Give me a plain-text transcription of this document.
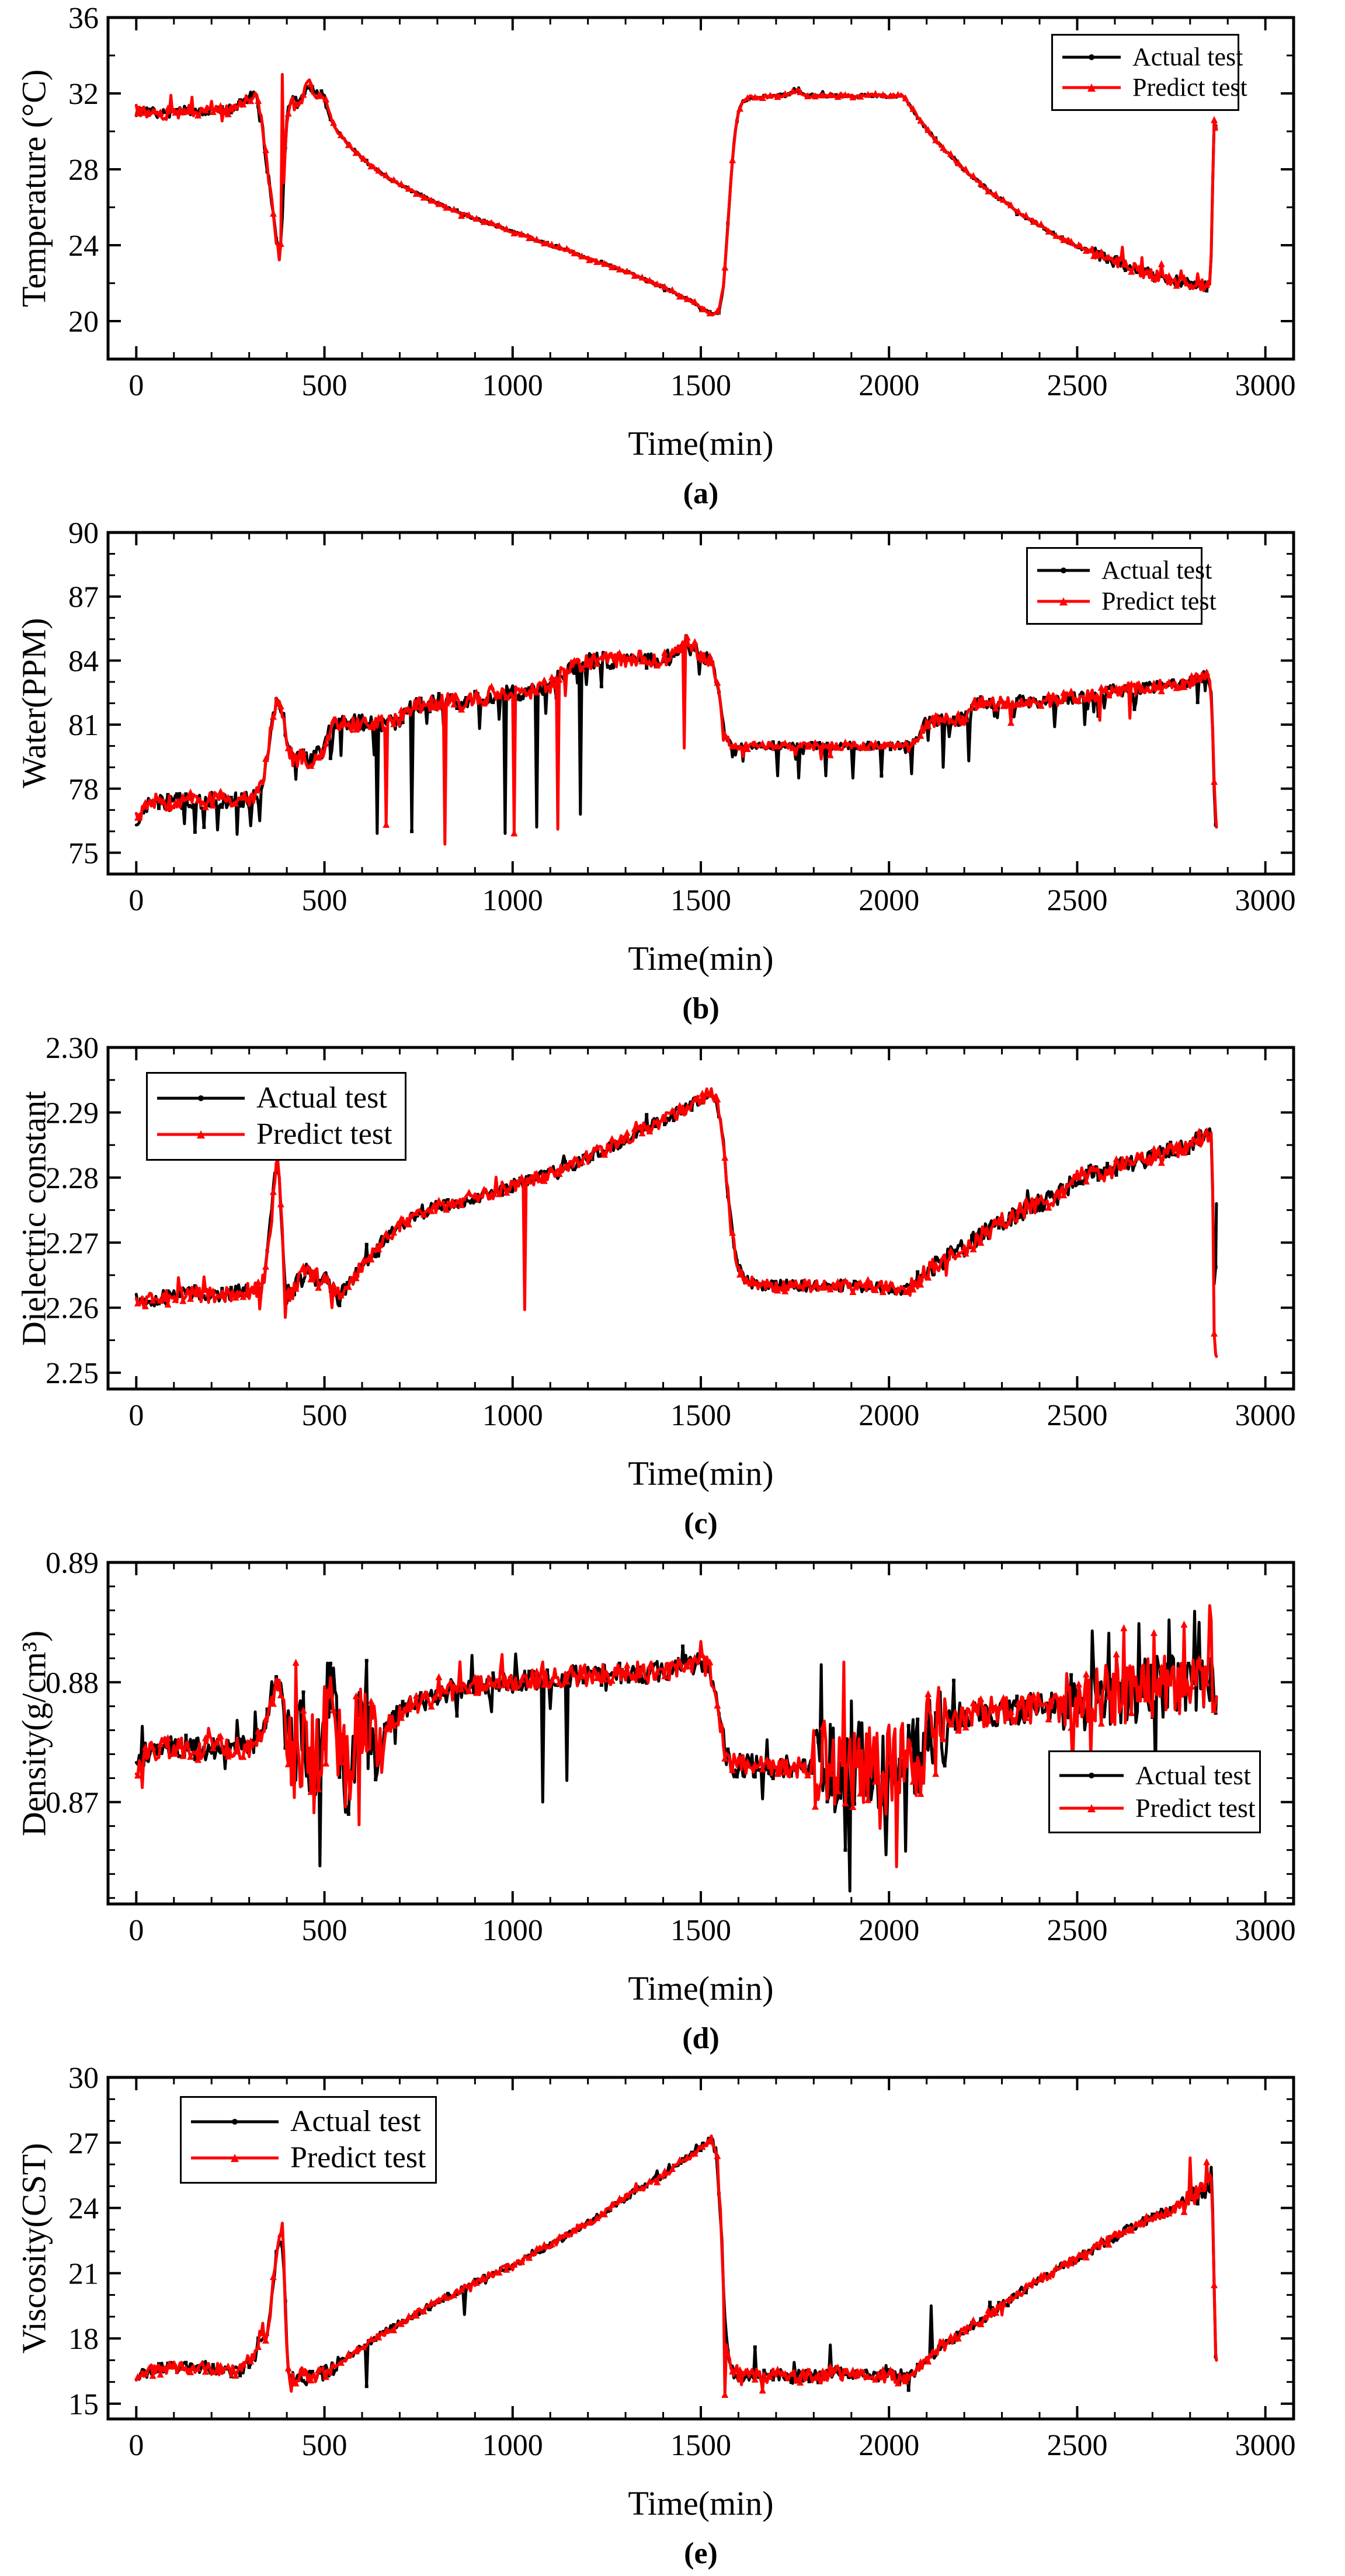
0	500	1000	1500	2000	2500	3000
20
24
28
32
36
Temperature (°C)
Actual test
Predict test
Time(min)
(a)
0	500	1000	1500	2000	2500	3000
75
78
81
84
87
90
Water(PPM)
Actual test
Predict test
Time(min)
(b)
0	500	1000	1500	2000	2500	3000
2.25
2.26
2.27
2.28
2.29
2.30
Dielectric constant	Actual test
Predict test
Time(min)
(c)
0	500	1000	1500	2000	2500	3000
0.87
0.88
0.89
Density(g/cm³)	Actual test
Predict test
Time(min)
(d)
0	500	1000	1500	2000	2500	3000
15
18
21
24
27
30
Viscosity(CST)
Actual test
Predict test
Time(min)
(e)
